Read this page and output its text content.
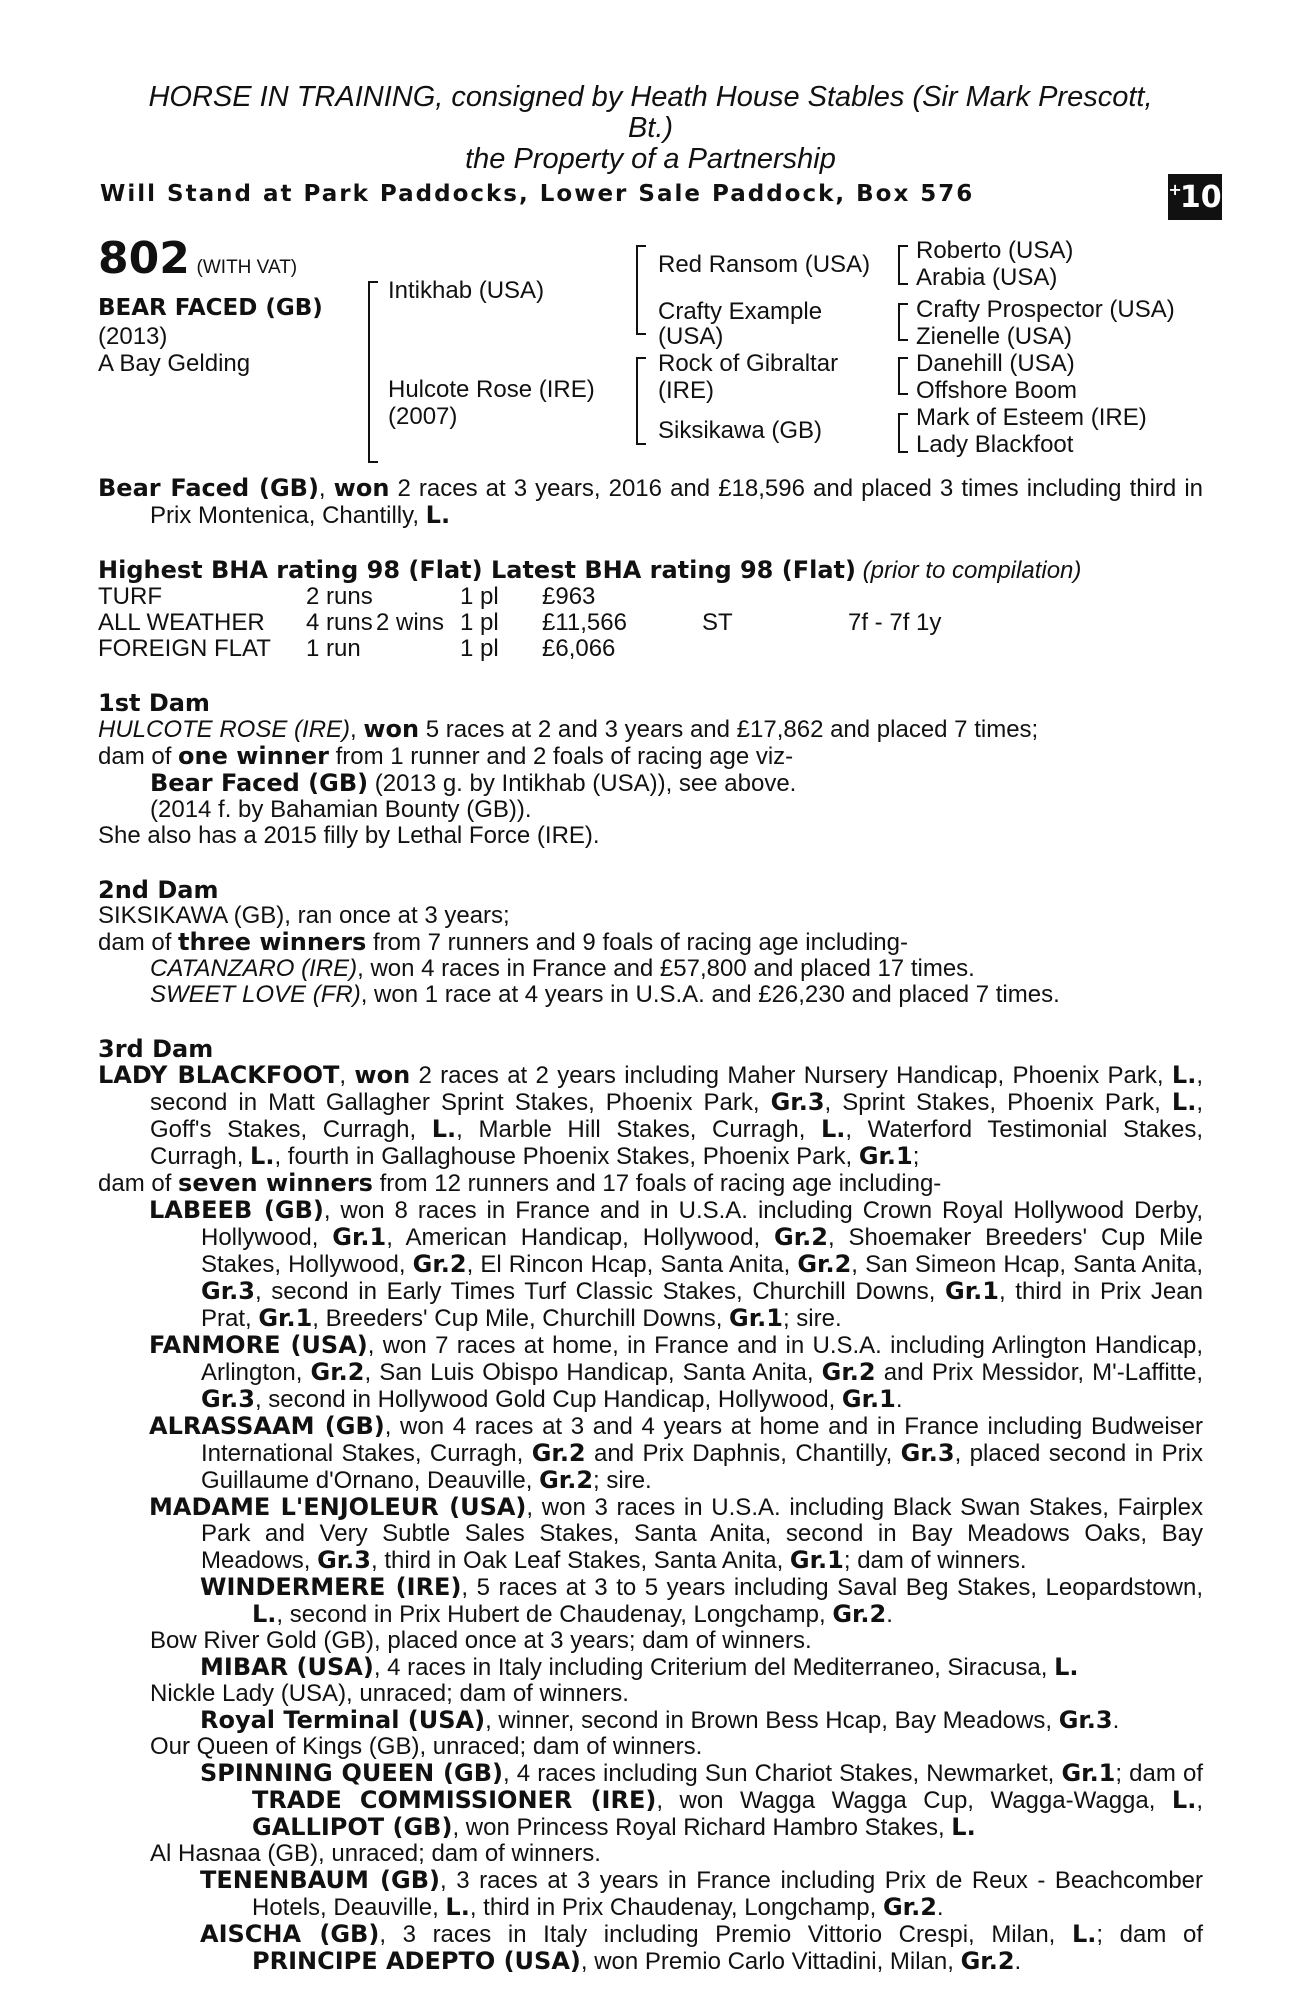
+
10
HORSE IN TRAINING, consigned by Heath House Stables (Sir Mark Prescott,
Bt.)
the Property of a Partnership
Will Stand at Park Paddocks, Lower Sale Paddock, Box 576
802 (WITH VAT)
BEAR FACED (GB)
(2013)
A Bay Gelding
Intikhab (USA)
Hulcote Rose (IRE)
(2007)
Red Ransom (USA)
Crafty Example
(USA)
Rock of Gibraltar
(IRE)
Siksikawa (GB)
Roberto (USA)
Arabia (USA)
Crafty Prospector (USA)
Zienelle (USA)
Danehill (USA)
Offshore Boom
Mark of Esteem (IRE)
Lady Blackfoot
Bear Faced (GB), won 2 races at 3 years, 2016 and £18,596 and placed 3 times including third in Prix Montenica, Chantilly, L.
Highest BHA rating 98 (Flat) Latest BHA rating 98 (Flat) (prior to compilation)
TURF	2 runs	1 pl	£963
ALL WEATHER	4 runs 2 wins 1 pl	£11,566	ST	7f - 7f 1y
FOREIGN FLAT	1 run	1 pl	£6,066
1st Dam
HULCOTE ROSE (IRE), won 5 races at 2 and 3 years and £17,862 and placed 7 times;
dam of one winner from 1 runner and 2 foals of racing age viz-
Bear Faced (GB) (2013 g. by Intikhab (USA)), see above.
(2014 f. by Bahamian Bounty (GB)).
She also has a 2015 filly by Lethal Force (IRE).
2nd Dam
SIKSIKAWA (GB), ran once at 3 years;
dam of three winners from 7 runners and 9 foals of racing age including-
CATANZARO (IRE), won 4 races in France and £57,800 and placed 17 times.
SWEET LOVE (FR), won 1 race at 4 years in U.S.A. and £26,230 and placed 7 times.
3rd Dam
LADY BLACKFOOT, won 2 races at 2 years including Maher Nursery Handicap, Phoenix Park, L., second in Matt Gallagher Sprint Stakes, Phoenix Park, Gr.3, Sprint Stakes, Phoenix Park, L., Goff's Stakes, Curragh, L., Marble Hill Stakes, Curragh, L., Waterford Testimonial Stakes, Curragh, L., fourth in Gallaghouse Phoenix Stakes, Phoenix Park, Gr.1;
dam of seven winners from 12 runners and 17 foals of racing age including-
LABEEB (GB), won 8 races in France and in U.S.A. including Crown Royal Hollywood Derby, Hollywood, Gr.1, American Handicap, Hollywood, Gr.2, Shoemaker Breeders' Cup Mile Stakes, Hollywood, Gr.2, El Rincon Hcap, Santa Anita, Gr.2, San Simeon Hcap, Santa Anita, Gr.3, second in Early Times Turf Classic Stakes, Churchill Downs, Gr.1, third in Prix Jean Prat, Gr.1, Breeders' Cup Mile, Churchill Downs, Gr.1; sire.
FANMORE (USA), won 7 races at home, in France and in U.S.A. including Arlington Handicap, Arlington, Gr.2, San Luis Obispo Handicap, Santa Anita, Gr.2 and Prix Messidor, M'-Laffitte, Gr.3, second in Hollywood Gold Cup Handicap, Hollywood, Gr.1.
ALRASSAAM (GB), won 4 races at 3 and 4 years at home and in France including Budweiser International Stakes, Curragh, Gr.2 and Prix Daphnis, Chantilly, Gr.3, placed second in Prix Guillaume d'Ornano, Deauville, Gr.2; sire.
MADAME L'ENJOLEUR (USA), won 3 races in U.S.A. including Black Swan Stakes, Fairplex Park and Very Subtle Sales Stakes, Santa Anita, second in Bay Meadows Oaks, Bay Meadows, Gr.3, third in Oak Leaf Stakes, Santa Anita, Gr.1; dam of winners.
WINDERMERE (IRE), 5 races at 3 to 5 years including Saval Beg Stakes, Leopardstown, L., second in Prix Hubert de Chaudenay, Longchamp, Gr.2.
Bow River Gold (GB), placed once at 3 years; dam of winners.
MIBAR (USA), 4 races in Italy including Criterium del Mediterraneo, Siracusa, L.
Nickle Lady (USA), unraced; dam of winners.
Royal Terminal (USA), winner, second in Brown Bess Hcap, Bay Meadows, Gr.3.
Our Queen of Kings (GB), unraced; dam of winners.
SPINNING QUEEN (GB), 4 races including Sun Chariot Stakes, Newmarket, Gr.1; dam of TRADE COMMISSIONER (IRE), won Wagga Wagga Cup, Wagga-Wagga, L., GALLIPOT (GB), won Princess Royal Richard Hambro Stakes, L.
Al Hasnaa (GB), unraced; dam of winners.
TENENBAUM (GB), 3 races at 3 years in France including Prix de Reux - Beachcomber Hotels, Deauville, L., third in Prix Chaudenay, Longchamp, Gr.2.
AISCHA (GB), 3 races in Italy including Premio Vittorio Crespi, Milan, L.; dam of PRINCIPE ADEPTO (USA), won Premio Carlo Vittadini, Milan, Gr.2.
